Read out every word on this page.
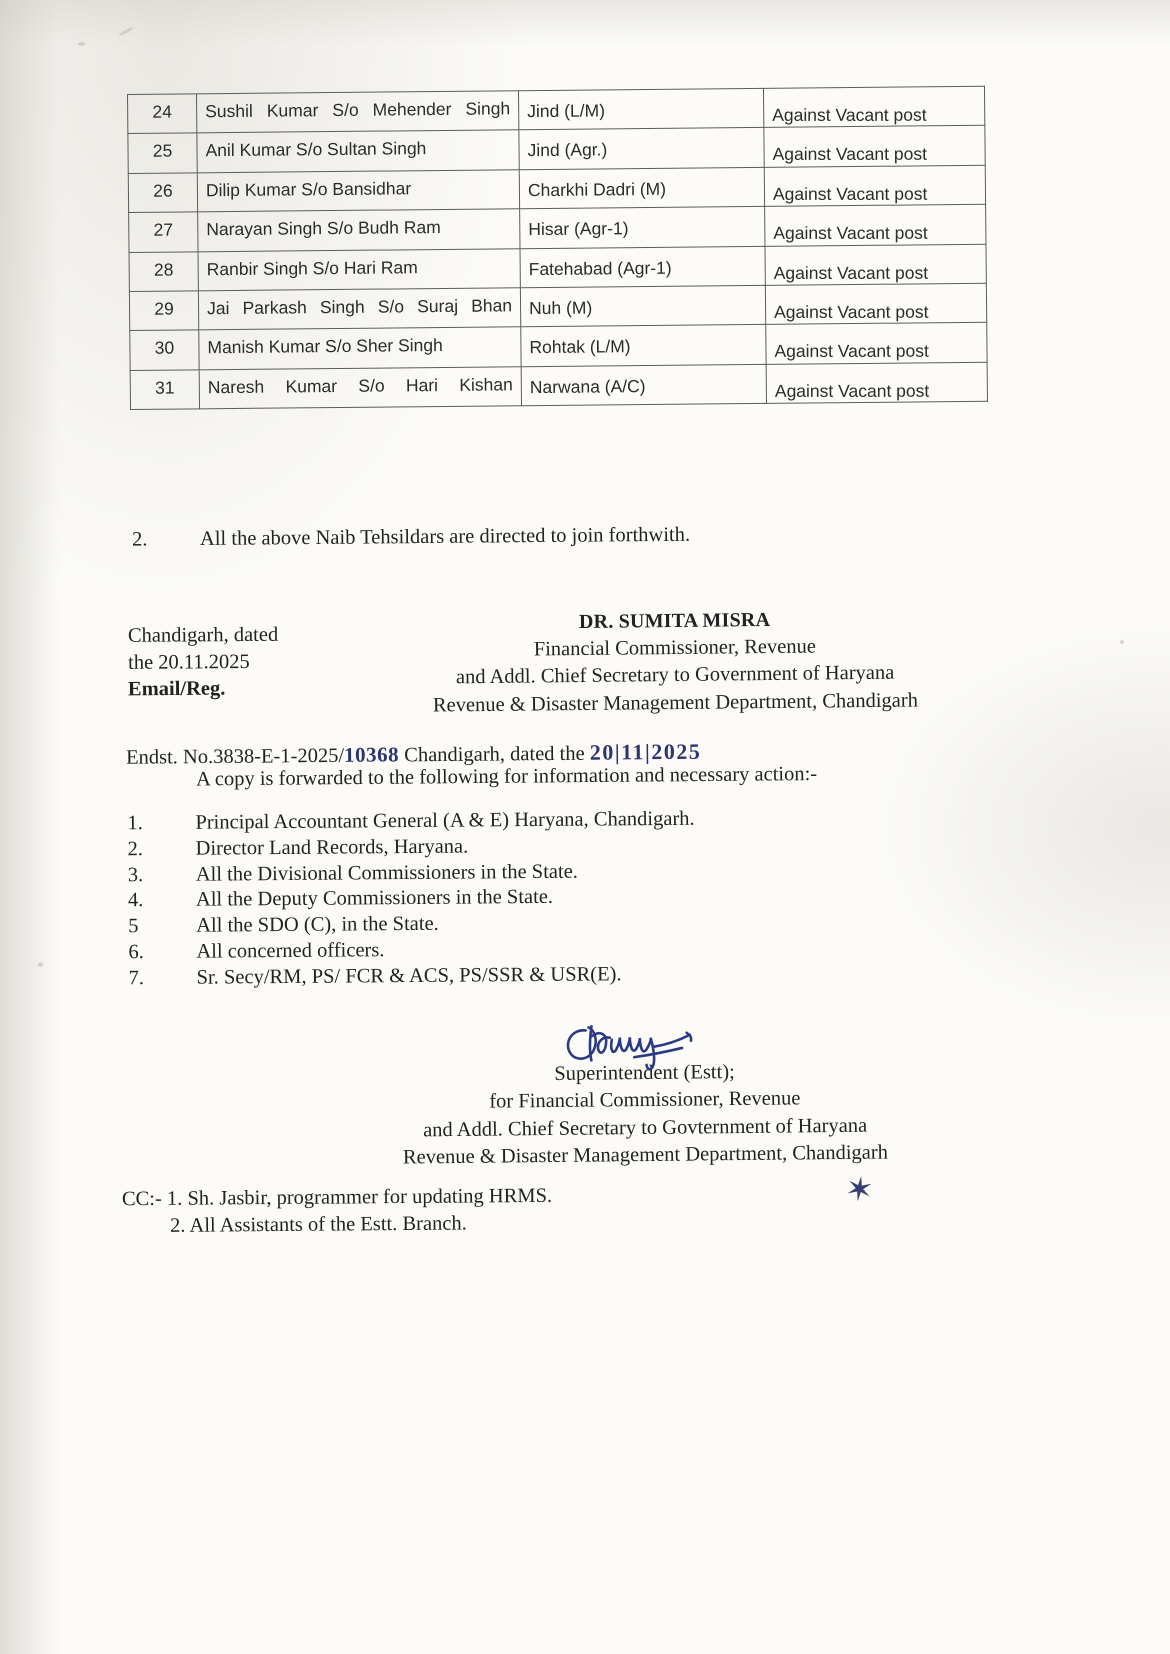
24	Sushil Kumar S/o Mehender Singh	Jind (L/M)	Against Vacant post

25	Anil Kumar S/o Sultan Singh	Jind (Agr.)	Against Vacant post

26	Dilip Kumar S/o Bansidhar	Charkhi Dadri (M)	Against Vacant post

27	Narayan Singh S/o Budh Ram	Hisar (Agr-1)	Against Vacant post

28	Ranbir Singh S/o Hari Ram	Fatehabad (Agr-1)	Against Vacant post

29	Jai Parkash Singh S/o Suraj Bhan	Nuh (M)	Against Vacant post

30	Manish Kumar S/o Sher Singh	Rohtak (L/M)	Against Vacant post

31	Naresh Kumar S/o Hari Kishan	Narwana (A/C)	Against Vacant post
2.	All the above Naib Tehsildars are directed to join forthwith.
Chandigarh, dated
the 20.11.2025
DR. SUMITA MISRA
Financial Commissioner, Revenue
and Addl. Chief Secretary to Government of Haryana
Revenue & Disaster Management Department, Chandigarh
Email/Reg.
Endst. No.3838-E-1-2025/10368 Chandigarh, dated the 20|11|2025
A copy is forwarded to the following for information and necessary action:-
1.	Principal Accountant General (A & E) Haryana, Chandigarh.
2.	Director Land Records, Haryana.
3.	All the Divisional Commissioners in the State.
4.	All the Deputy Commissioners in the State.
5	All the SDO (C), in the State.
6.	All concerned officers.
7.	Sr. Secy/RM, PS/ FCR & ACS, PS/SSR & USR(E).
Superintendent (Estt);
for Financial Commissioner, Revenue
and Addl. Chief Secretary to Govternment of Haryana
Revenue & Disaster Management Department, Chandigarh
✶
CC:- 1. Sh. Jasbir, programmer for updating HRMS.
2. All Assistants of the Estt. Branch.
